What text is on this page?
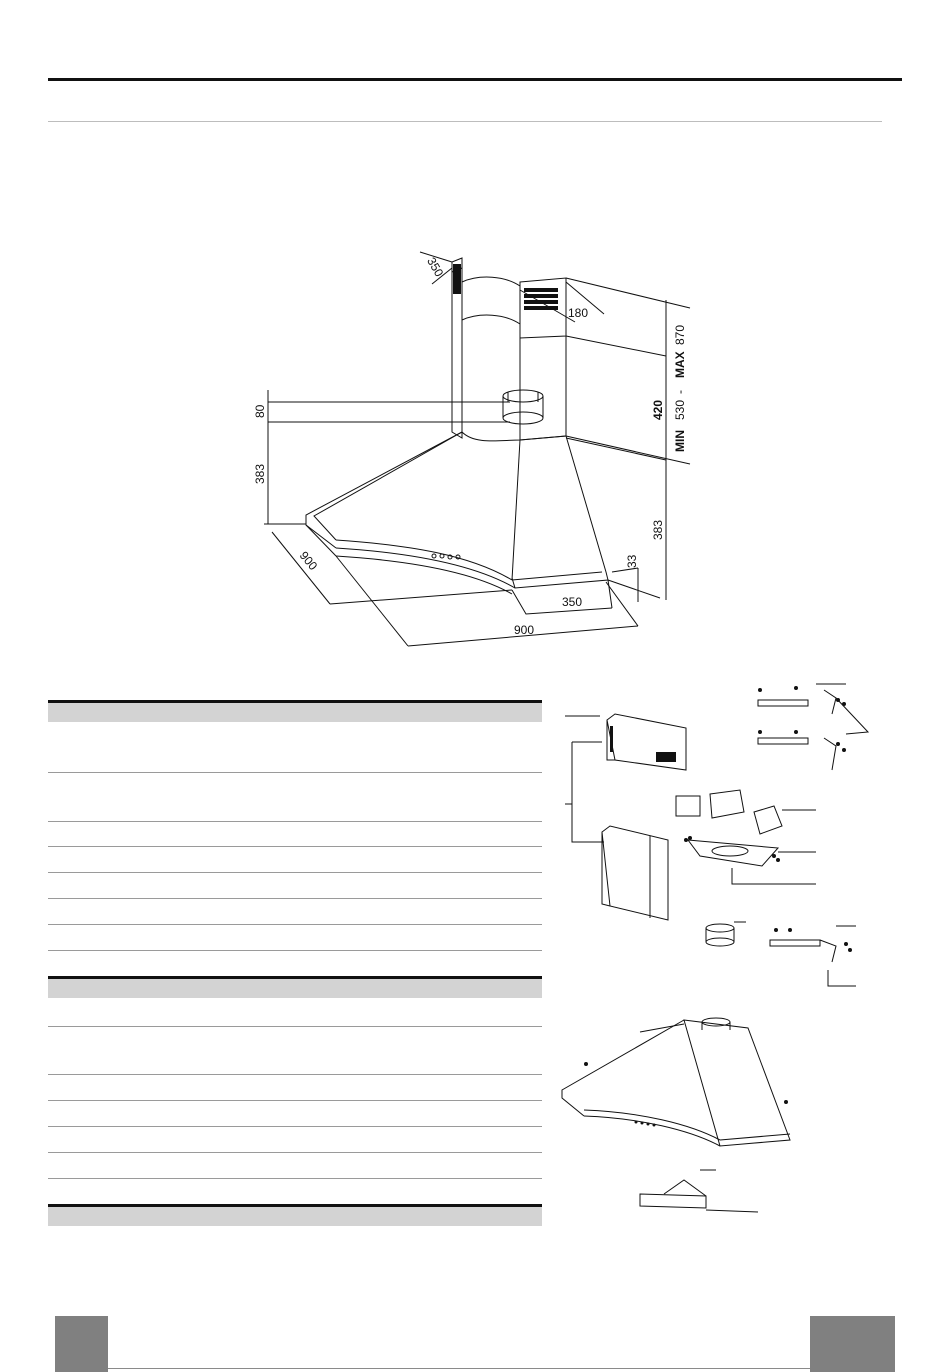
350
180
870
MAX
-
530
MIN
420
80
383
383
33
900
350
900
